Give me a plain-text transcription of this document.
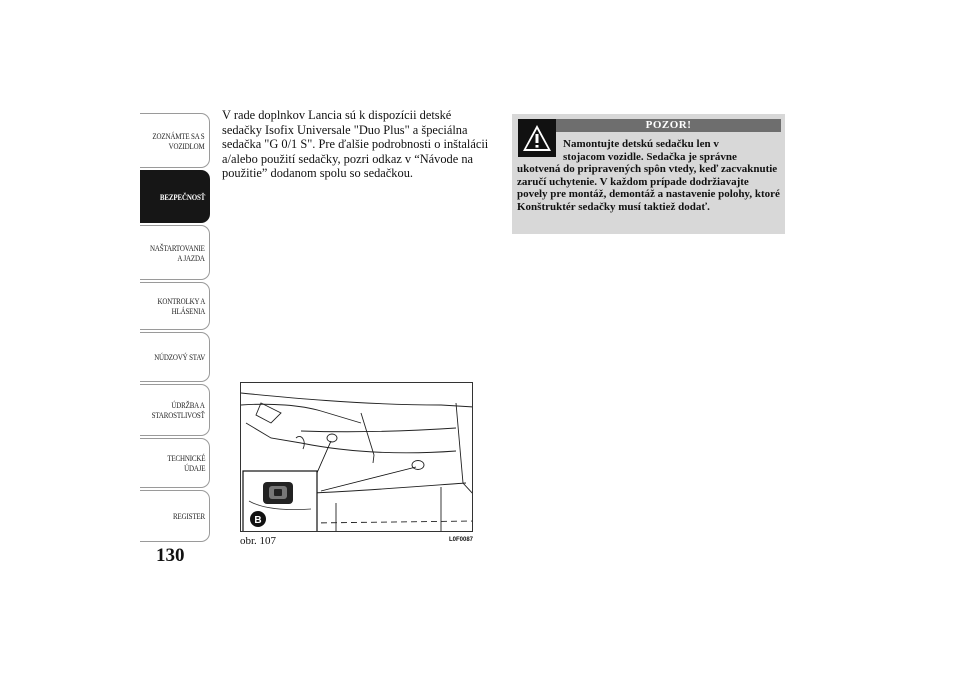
ZOZNÁMTE SA S
VOZIDLOM
BEZPEČNOSŤ
NAŠTARTOVANIE
A JAZDA
KONTROLKY A
HLÁSENIA
NÚDZOVÝ STAV
ÚDRŽBA A
STAROSTLIVOSŤ
TECHNICKÉ
ÚDAJE
REGISTER
130
V rade doplnkov Lancia sú k dispozícii detské sedačky Isofix Universale "Duo Plus" a špeciálna sedačka "G 0/1 S". Pre ďalšie podrobnosti o inštalácii a/alebo použití sedačky, pozri odkaz v “Návode na použitie” dodanom spolu so sedačkou.
POZOR!
Namontujte detskú sedačku len v
stojacom vozidle. Sedačka je správne
ukotvená do pripravených spôn vtedy, keď zacvaknutie zaručí uchytenie. V každom prípade dodržiavajte povely pre montáž, demontáž a nastavenie polohy, ktoré Konštruktér sedačky musí taktiež dodať.
B
obr. 107	L0F0087
